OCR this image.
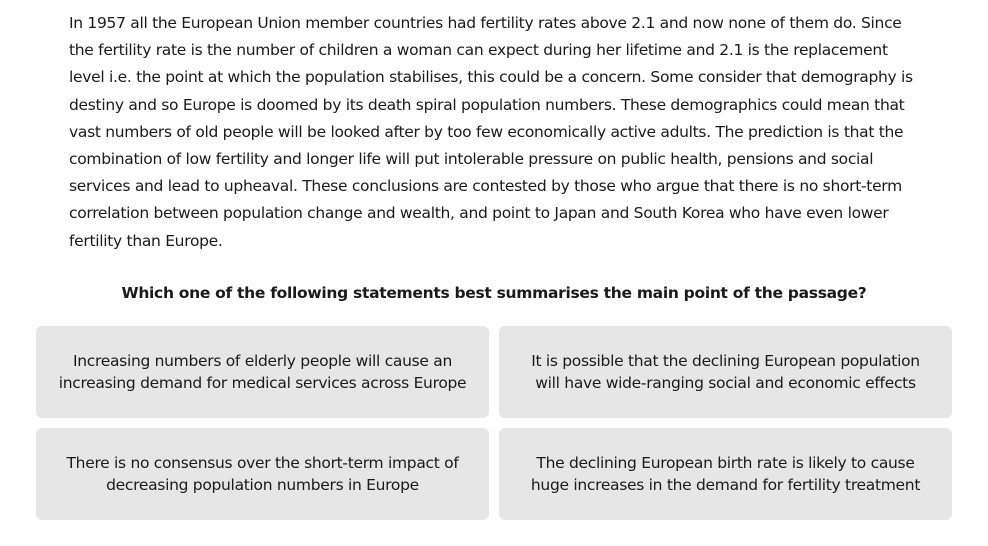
In 1957 all the European Union member countries had fertility rates above 2.1 and now none of them do. Since the fertility rate is the number of children a woman can expect during her lifetime and 2.1 is the replacement level i.e. the point at which the population stabilises, this could be a concern. Some consider that demography is destiny and so Europe is doomed by its death spiral population numbers. These demographics could mean that vast numbers of old people will be looked after by too few economically active adults. The prediction is that the combination of low fertility and longer life will put intolerable pressure on public health, pensions and social services and lead to upheaval. These conclusions are contested by those who argue that there is no short-term correlation between population change and wealth, and point to Japan and South Korea who have even lower fertility than Europe.
Which one of the following statements best summarises the main point of the passage?
Increasing numbers of elderly people will cause an increasing demand for medical services across Europe
It is possible that the declining European population will have wide-ranging social and economic effects
There is no consensus over the short-term impact of decreasing population numbers in Europe
The declining European birth rate is likely to cause huge increases in the demand for fertility treatment
